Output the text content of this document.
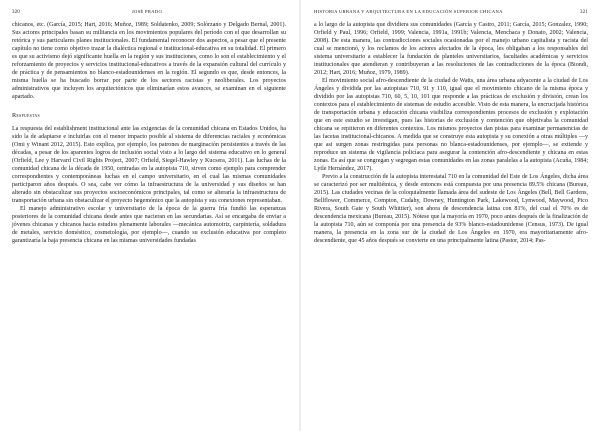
320	JOSÉ PRADO

chicanos, etc. (García, 2015; Hart, 2016; Muñoz, 1989; Soldatenko, 2009; Solórzano y Delgado Bernal, 2001). Sus actores principales basan su militancia en los movimientos populares del período con el que desarrollan su retórica y sus particulares planes institucionales. El fundamental reconocer dos aspectos, a pesar que el presente capítulo no tiene como objetivo trazar la dialéctica regional e institucional-educativa en su totalidad. El primero es que su activismo dejó significante huella en la región y sus instituciones, como lo son el establecimiento y el reforzamiento de proyectos y servicios institucional-educativos a través de la expansión cultural del currículo y de práctica y de pensamientos no blanco-estadounidenses en la región. El segundo es que, desde entonces, la misma huella se ha buscado borrar por parte de los sectores racistas y neoliberales. Los proyectos administrativos que incluyen los arquitectónicos que eliminarían estos avances, se examinan en el siguiente apartado.

Respuestas

La respuesta del establishment institucional ante las exigencias de la comunidad chicana en Estados Unidos, ha sido la de adaptarse e incluirlas con el menor impacto posible al sistema de diferencias raciales y económicas (Omi y Winant 2012, 2015). Esto explica, por ejemplo, los patrones de marginación persistentes a través de las décadas, a pesar de los aparentes logros de inclusión social visto a lo largo del sistema educativo en lo general (Orfield, Lee y Harvard Civil Rights Project, 2007; Orfield, Siegel-Hawley y Kucsera, 2011). Las luchas de la comunidad chicana de la década de 1950, centradas en la autopista 710, sirven como ejemplo para comprender correspondientes y contemporáneas luchas en el campo universitario, en el cual las mismas comunidades participaron años después. O sea, cabe ver cómo la infraestructura de la universidad y sus diseños se han alterado sin obstaculizar sus proyectos socioeconómicos principales, tal como se alteraría la infraestructura de transportación urbana sin obstaculizar el proyecto hegemónico que la autopista y sus conexiones representaban.

El manejo administrativo escolar y universitario de la época de la guerra fría fundió las esperanzas posteriores de la comunidad chicana desde antes que nacieran en las secundarias. Así se encargaba de enviar a jóvenes chicanas y chicanos hacia estudios plenamente laborales —mecánica automotriz, carpintería, soldadura de metales, servicio doméstico, cosmetología, por ejemplo—, cuando su exclusión educativa por completo garantizaría la baja presencia chicana en las mismas universidades fundadas

HISTORIA URBANA Y ARQUITECTURA EN LA EDUCACIÓN SUPERIOR CHICANA	321

a lo largo de la autopista que dividiera sus comunidades (García y Castro, 2011; García, 2015; Gonzalez, 1990; Orfield y Paul, 1996; Orfield, 1999; Valencia, 1991a, 1991b; Valencia, Menchaca y Donato, 2002; Valencia, 2008). De esta manera, las contradicciones sociales ocasionadas por el manejo urbano capitalista y racista del cual se mencionó, y los reclamos de los actores afectados de la época, les obligaban a los responsables del sistema universitario a establecer la fundación de planteles universitarios, facultades académicas y servicios institucionales que atendieran y contribuyeran a las resoluciones de las contradicciones de la época (Biondi, 2012; Hart, 2016; Muñoz, 1979, 1989).

El movimiento social afro-descendiente de la ciudad de Watts, una área urbana adyacente a la ciudad de Los Ángeles y dividida por las autopistas 710, 91 y 110, igual que el movimiento chicano de la misma época y dividido por las autopistas 710, 60, 5, 10, 101 que responde a las prácticas de exclusión y división, crean los contextos para el establecimiento de sistemas de estudio accesible. Visto de esta manera, la encrucijada histórica de transportación urbana y educación chicana visibiliza correspondientes procesos de exclusión y explotación que en este estudio se investigan, pues las historias de exclusión y contención que objetivaba la comunidad chicana se repitieron en diferentes contextos. Los mismos proyectos dan pistas para examinar permanencias de las facetas institucional-chicanos. A medida que se construye esta autopista y su conexión a otras múltiples —y que asi surgen zonas restringidas para personas no blanca-estadounidenses, por ejemplo—, se extiende y reproduce un sistema de vigilancia policíaca para asegurar la contención afro-descendiente y chicana en estas zonas. Es así que se congregan y segregan estas comunidades en las zonas paralelas a la autopista (Acuña, 1984; Lytle Hernández, 2017).

Previo a la construcción de la autopista interestatal 710 en la comunidad del Este de Los Ángeles, dicha área se caracterizó por ser multiétnica, y desde entonces está compuesta por una presencia 89.5% chicana (Bureau, 2015). Las ciudades vecinas de la coloquialmente llamada área del sudeste de Los Ángeles (Bell, Bell Gardens, Bellflower, Commerce, Compton, Cudahy, Downey, Huntington Park, Lakewood, Lynwood, Maywood, Pico Rivera, South Gate y South Whittier), son ahora de descendencia latina con 81%, del cual el 70% es de descendencia mexicana (Bureau, 2015). Nótese que la mayoría en 1970, poco antes después de la finalización de la autopista 710, aún se componía por una presencia de 93% blanco-estadounidense (Census, 1973). De igual manera, la presencia en la zona sur de la ciudad de Los Ángeles en 1970, era mayoritariamente afro-descendiente, que 45 años después se convierte en una principalmente latina (Pastor, 2014; Pas-
